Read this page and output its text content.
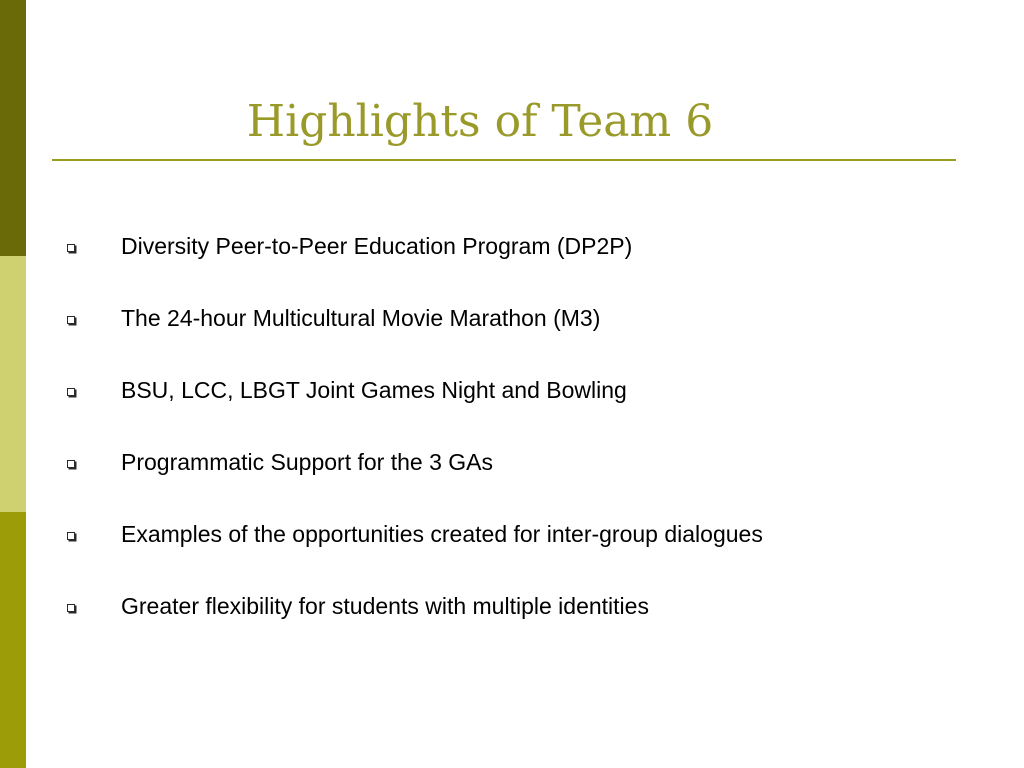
Highlights of Team 6
Diversity Peer-to-Peer Education Program (DP2P)
The 24-hour Multicultural Movie Marathon (M3)
BSU, LCC, LBGT Joint Games Night and Bowling
Programmatic Support for the 3 GAs
Examples of the opportunities created for inter-group dialogues
Greater flexibility for students with multiple identities
